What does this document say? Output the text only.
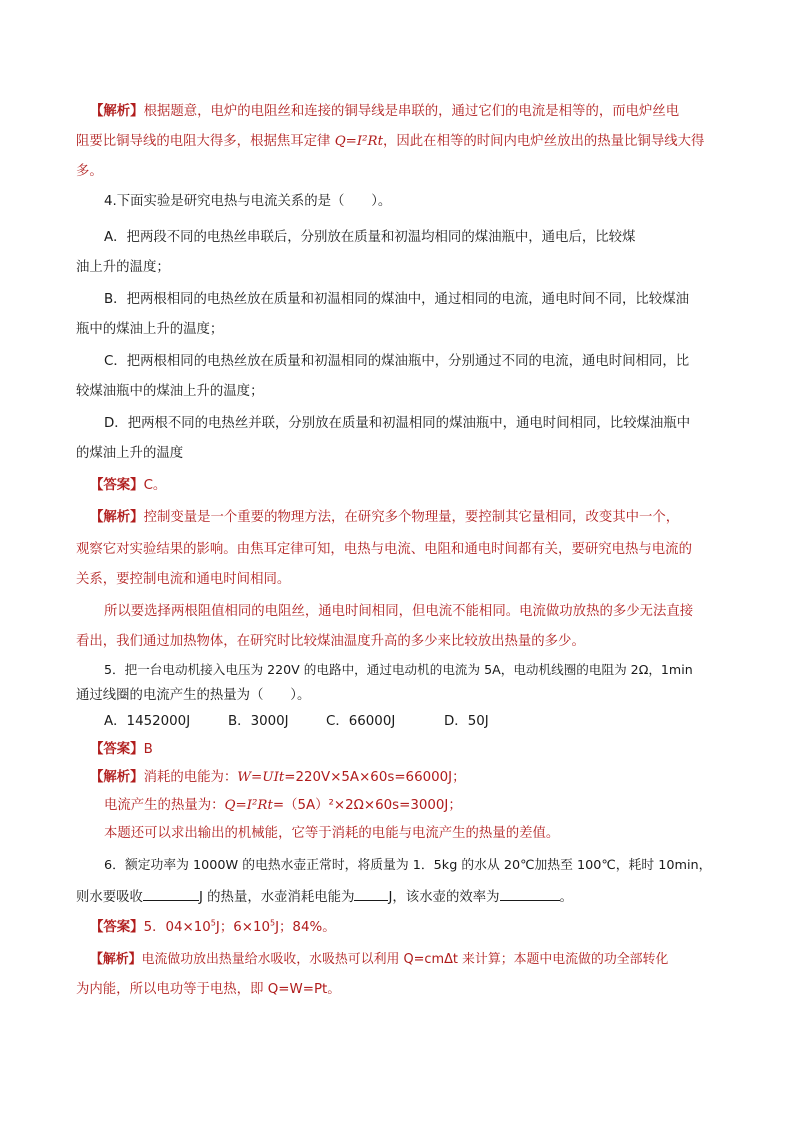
【解析】根据题意，电炉的电阻丝和连接的铜导线是串联的，通过它们的电流是相等的，而电炉丝电
阻要比铜导线的电阻大得多，根据焦耳定律 Q=I²Rt，因此在相等的时间内电炉丝放出的热量比铜导线大得
多。
4.下面实验是研究电热与电流关系的是（　　）。
A．把两段不同的电热丝串联后，分别放在质量和初温均相同的煤油瓶中，通电后，比较煤
油上升的温度；
B．把两根相同的电热丝放在质量和初温相同的煤油中，通过相同的电流，通电时间不同，比较煤油
瓶中的煤油上升的温度；
C．把两根相同的电热丝放在质量和初温相同的煤油瓶中，分别通过不同的电流，通电时间相同，比
较煤油瓶中的煤油上升的温度；
D．把两根不同的电热丝并联，分别放在质量和初温相同的煤油瓶中，通电时间相同，比较煤油瓶中
的煤油上升的温度
【答案】C。
【解析】控制变量是一个重要的物理方法，在研究多个物理量，要控制其它量相同，改变其中一个，
观察它对实验结果的影响。由焦耳定律可知，电热与电流、电阻和通电时间都有关，要研究电热与电流的
关系，要控制电流和通电时间相同。
所以要选择两根阻值相同的电阻丝，通电时间相同，但电流不能相同。电流做功放热的多少无法直接
看出，我们通过加热物体，在研究时比较煤油温度升高的多少来比较放出热量的多少。
5．把一台电动机接入电压为 220V 的电路中，通过电动机的电流为 5A，电动机线圈的电阻为 2Ω，1min
通过线圈的电流产生的热量为（　　）。
A．1452000J	B．3000J	C．66000J	D．50J
【答案】B
【解析】消耗的电能为：W=UIt=220V×5A×60s=66000J；
电流产生的热量为：Q=I²Rt=（5A）²×2Ω×60s=3000J；
本题还可以求出输出的机械能，它等于消耗的电能与电流产生的热量的差值。
6．额定功率为 1000W 的电热水壶正常时，将质量为 1．5kg 的水从 20℃加热至 100℃，耗时 10min，
则水要吸收	J 的热量，水壶消耗电能为	J，该水壶的效率为	。
【答案】5．$04\times 10^5J$；$6\times 10^5J$；84%。
【解析】电流做功放出热量给水吸收，水吸热可以利用 Q=cmΔt 来计算；本题中电流做的功全部转化
为内能，所以电功等于电热，即 Q=W=Pt。
